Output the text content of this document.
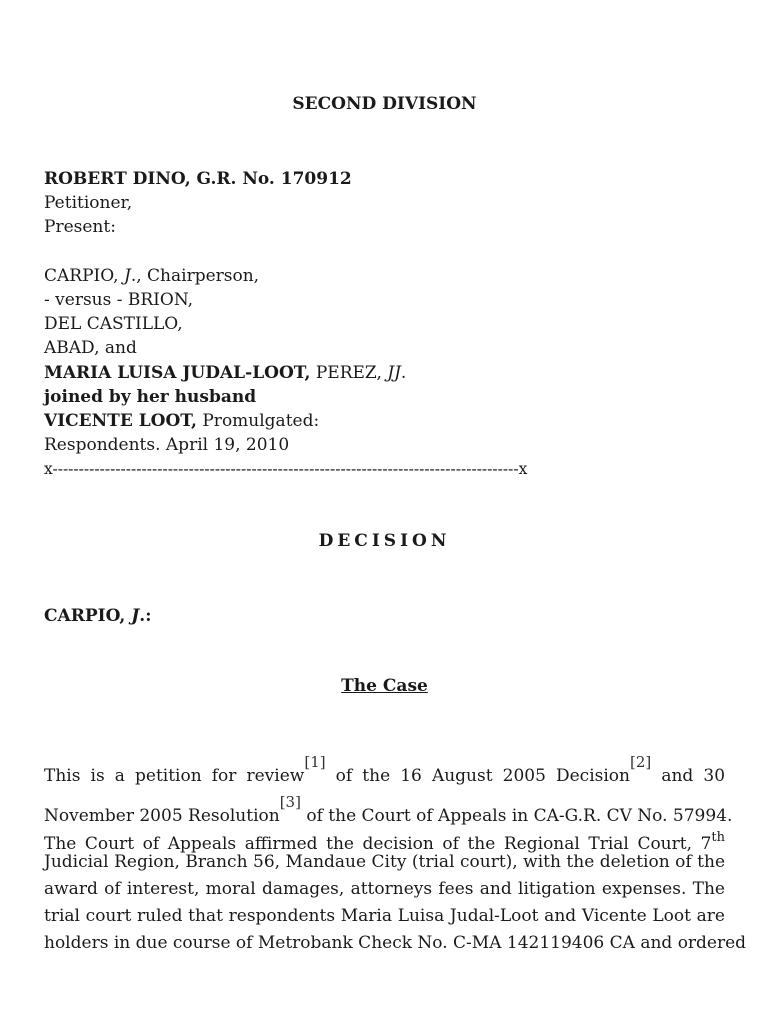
SECOND DIVISION
ROBERT DINO, G.R. No. 170912
Petitioner,
Present:
CARPIO, J., Chairperson,
- versus - BRION,
DEL CASTILLO,
ABAD, and
MARIA LUISA JUDAL-LOOT, PEREZ, JJ.
joined by her husband
VICENTE LOOT, Promulgated:
Respondents. April 19, 2010
x-----------------------------------------------------------------------------------------x
DECISION
CARPIO, J.:
The Case
This is a petition for review[1] of the 16 August 2005 Decision[2] and 30
November 2005 Resolution[3] of the Court of Appeals in CA-G.R. CV No. 57994.
The Court of Appeals affirmed the decision of the Regional Trial Court, 7th
Judicial Region, Branch 56, Mandaue City (trial court), with the deletion of the
award of interest, moral damages, attorneys fees and litigation expenses. The
trial court ruled that respondents Maria Luisa Judal-Loot and Vicente Loot are
holders in due course of Metrobank Check No. C-MA 142119406 CA and ordered
